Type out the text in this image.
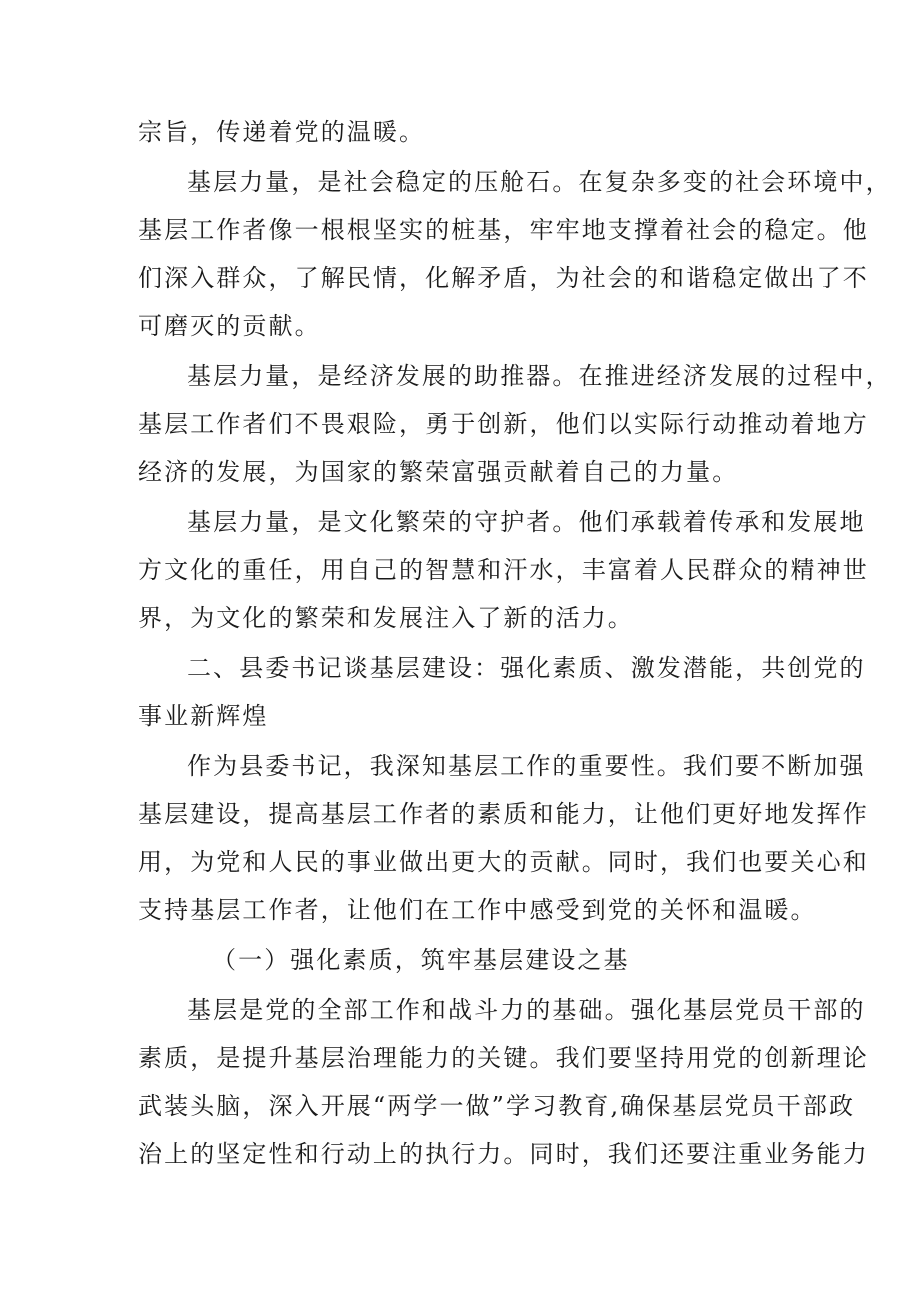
宗旨，传递着党的温暖。
基层力量，是社会稳定的压舱石。在复杂多变的社会环境中，
基层工作者像一根根坚实的桩基，牢牢地支撑着社会的稳定。他
们深入群众，了解民情，化解矛盾，为社会的和谐稳定做出了不
可磨灭的贡献。
基层力量，是经济发展的助推器。在推进经济发展的过程中，
基层工作者们不畏艰险，勇于创新，他们以实际行动推动着地方
经济的发展，为国家的繁荣富强贡献着自己的力量。
基层力量，是文化繁荣的守护者。他们承载着传承和发展地
方文化的重任，用自己的智慧和汗水，丰富着人民群众的精神世
界，为文化的繁荣和发展注入了新的活力。
二、县委书记谈基层建设：强化素质、激发潜能，共创党的
事业新辉煌
作为县委书记，我深知基层工作的重要性。我们要不断加强
基层建设，提高基层工作者的素质和能力，让他们更好地发挥作
用，为党和人民的事业做出更大的贡献。同时，我们也要关心和
支持基层工作者，让他们在工作中感受到党的关怀和温暖。
（一）强化素质，筑牢基层建设之基
基层是党的全部工作和战斗力的基础。强化基层党员干部的
素质，是提升基层治理能力的关键。我们要坚持用党的创新理论
武装头脑，深入开展“两学一做”学习教育,确保基层党员干部政
治上的坚定性和行动上的执行力。同时，我们还要注重业务能力
